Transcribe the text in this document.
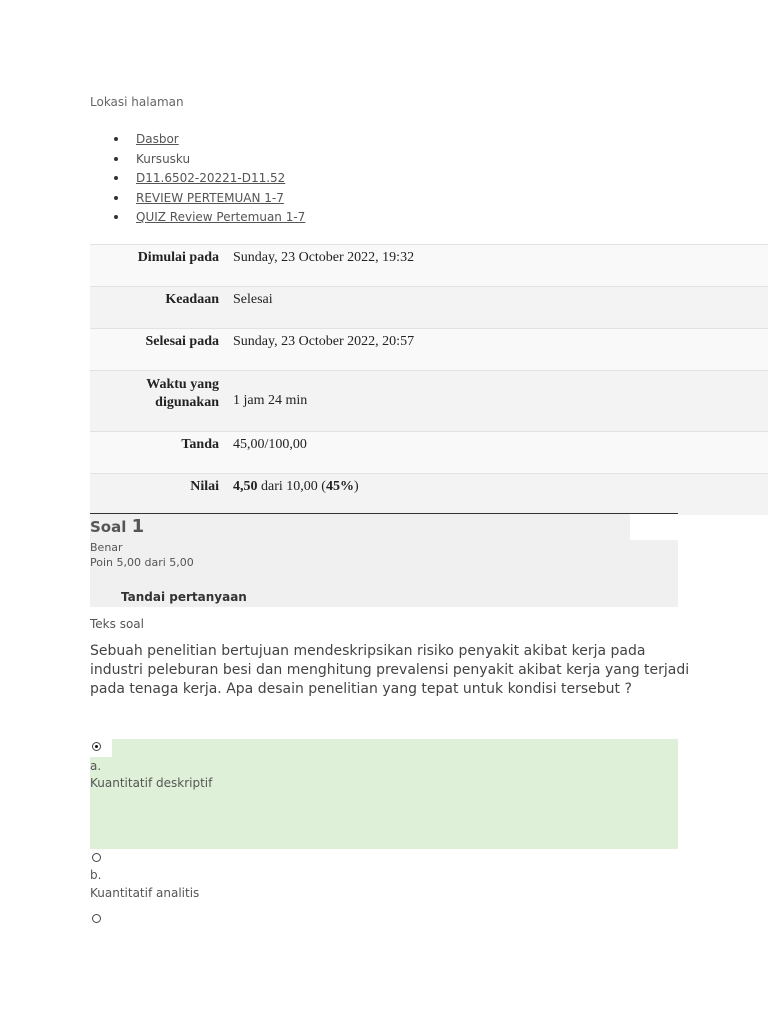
Lokasi halaman
Dasbor
Kursusku
D11.6502-20221-D11.52
REVIEW PERTEMUAN 1-7
QUIZ Review Pertemuan 1-7
Dimulai pada	Sunday, 23 October 2022, 19:32
Keadaan	Selesai
Selesai pada	Sunday, 23 October 2022, 20:57
Waktu yang
digunakan	1 jam 24 min
Tanda	45,00/100,00
Nilai	4,50 dari 10,00 (45%)
Soal 1
Benar
Poin 5,00 dari 5,00
Tandai pertanyaan
Teks soal
Sebuah penelitian bertujuan mendeskripsikan risiko penyakit akibat kerja pada industri peleburan besi dan menghitung prevalensi penyakit akibat kerja yang terjadi pada tenaga kerja. Apa desain penelitian yang tepat untuk kondisi tersebut ?
a.
Kuantitatif deskriptif
b.
Kuantitatif analitis
